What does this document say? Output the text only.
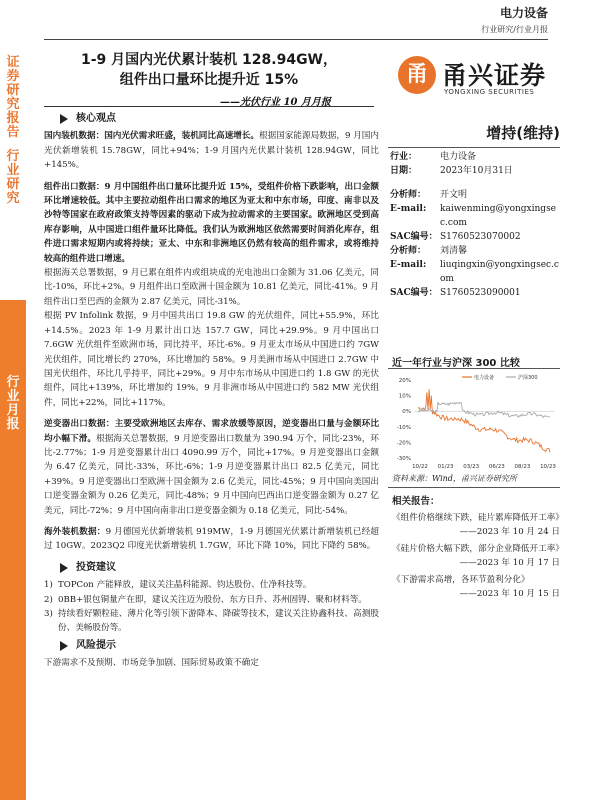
证
券
研
究
报
告
行
业
研
究
行
业
月
报
电力设备
行业研究/行业月报
1-9 月国内光伏累计装机 128.94GW，
组件出口量环比提升近 15%
——光伏行业 10 月月报
甬 甬兴证券
YONGXING SECURITIES
核心观点
国内装机数据：国内光伏需求旺盛，装机同比高速增长。根据国家能源局数据，9 月国内光伏新增装机 15.78GW，同比+94%；1-9 月国内光伏累计装机 128.94GW，同比+145%。
组件出口数据：9 月中国组件出口量环比提升近 15%，受组件价格下跌影响，出口金额环比增速较低。其中主要拉动组件出口需求的地区为亚太和中东市场，印度、南非以及沙特等国家在政府政策支持等因素的驱动下成为拉动需求的主要国家。欧洲地区受到高库存影响，从中国进口组件量环比降低。我们认为欧洲地区依然需要时间消化库存，组件进口需求短期内或将持续；亚太、中东和非洲地区仍然有较高的组件需求，或将维持较高的组件进口增速。
根据海关总署数据，9 月已累在组件内或组块成的光电池出口金额为 31.06 亿美元，同比-10%，环比+2%。9 月组件出口至欧洲十国金额为 10.81 亿美元，同比-41%。9 月组件出口至巴西的金额为 2.87 亿美元，同比-31%。
根据 PV Infolink 数据，9 月中国共出口 19.8 GW 的光伏组件，同比+55.9%，环比+14.5%。2023 年 1-9 月累计出口达 157.7 GW，同比+29.9%。9 月中国出口 7.6GW 光伏组件至欧洲市场，同比持平，环比-6%。9 月亚太市场从中国进口约 7GW 光伏组件，同比增长约 270%，环比增加约 58%。9 月美洲市场从中国进口 2.7GW 中国光伏组件，环比几乎持平，同比+29%。9 月中东市场从中国进口约 1.8 GW 的光伏组件，同比+139%，环比增加约 19%。9 月非洲市场从中国进口约 582 MW 光伏组件，同比+22%，同比+117%。
逆变器出口数据：主要受欧洲地区去库存、需求放缓等原因，逆变器出口量与金额环比均小幅下滑。根据海关总署数据，9 月逆变器出口数量为 390.94 万个，同比-23%，环比-2.77%；1-9 月逆变器累计出口 4090.99 万个，同比+17%。9 月逆变器出口金额为 6.47 亿美元，同比-33%，环比-6%；1-9 月逆变器累计出口 82.5 亿美元，同比+39%。9 月逆变器出口至欧洲十国金额为 2.6 亿美元，同比-45%；9 月中国向美国出口逆变器金额为 0.26 亿美元，同比-48%；9 月中国向巴西出口逆变器金额为 0.27 亿美元，同比-72%；9 月中国向南非出口逆变器金额为 0.18 亿美元，同比-54%。
海外装机数据：9 月德国光伏新增装机 919MW，1-9 月德国光伏累计新增装机已经超过 10GW。2023Q2 印度光伏新增装机 1.7GW，环比下降 10%，同比下降约 58%。
投资建议
1) TOPCon 产能释放，建议关注晶科能源、钧达股份、仕净科技等。
2) 0BB+银包铜量产在即，建议关注迈为股份、东方日升、苏州固锝、聚和材料等。
3) 持续看好颗粒硅、薄片化等引领下游降本、降碳等技术，建议关注协鑫科技、高测股份、美畅股份等。
风险提示
下游需求不及预期、市场竞争加剧、国际贸易政策不确定
增持(维持)
行业：	电力设备
日期：	2023年10月31日
分析师：	开文明
E-mail:	kaiwenming@yongxingsec.com
SAC编号： S1760523070002
分析师：	刘清馨
E-mail:	liuqingxin@yongxingsec.com
SAC编号： S1760523090001
近一年行业与沪深 300 比较
20%
10%
0%
-10%
-20%
-30%
10/22 01/23 03/23 06/23 08/23 10/23
电力设备	沪深300
资料来源：Wind，甬兴证券研究所
相关报告：
《组件价格继续下跌，硅片累库降低开工率》
——2023 年 10 月 24 日
《硅片价格大幅下跌，部分企业降低开工率》
——2023 年 10 月 17 日
《下游需求高增，各环节盈利分化》
——2023 年 10 月 15 日
